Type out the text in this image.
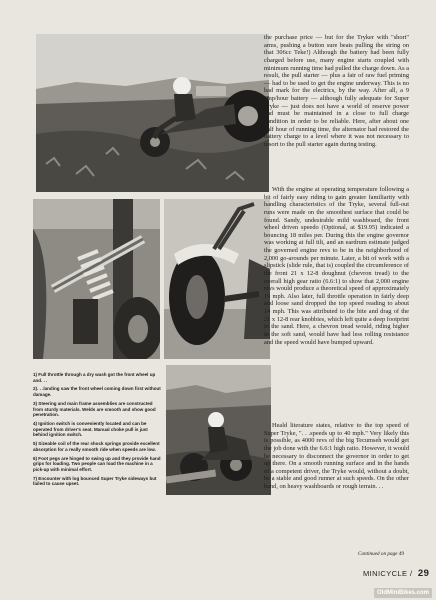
1) Full throttle through a dry wash got the front wheel up and. . .

2). . .landing saw the front wheel coming down first without damage.

3) Steering and main frame assemblies are constructed from sturdy materials. Welds are smooth and show good penetration.

4) Ignition switch is conveniently located and can be operated from driver's seat. Manual choke pull is just behind ignition switch.

5) Sizeable coil of the rear shock springs provide excellent absorption for a really smooth ride when speeds are low.

6) Foot pegs are hinged to swing up and they provide hand grips for loading. Two people can load the machine in a pick-up with minimal effort.

7) Encounter with log bounced Super Tryke sideways but failed to cause upset.

the purchase price — but for the Tryker with "short" arms, pushing a button sure beats pulling the string on that 306cc Teke!) Although the battery had been fully charged before use, many engine starts coupled with minimum running time had pulled the charge down. As a result, the pull starter — plus a fair of raw fuel priming — had to be used to get the engine underway. This is no bad mark for the electrics, by the way. After all, a 9 amp/hour battery — although fully adequate for Super Tryke — just does not have a world of reserve power and must be maintained in a close to full charge condition in order to be reliable. Here, after about one half hour of running time, the alternator had restored the battery charge to a level where it was not necessary to resort to the pull starter again during testing.

With the engine at operating temperature following a bit of fairly easy riding to gain greater familiarity with handling characteristics of the Tryke, several full-out runs were made on the smoothest surface that could be found. Sandy, undesirable mild washboard, the front wheel driven speedo (Optional, at $19.95) indicated a bouncing 18 miles per. During this the engine governor was working at full tilt, and an eardrum estimate judged the governed engine revs to be in the neighborhood of 2,000 go-arounds per minute. Later, a bit of work with a slipstick (slide rule, that is) coupled the circumference of the front 21 x 12-8 doughnut (chevron tread) to the overall high gear ratio (6.6:1) to show that 2,000 engine revs would produce a theoretical speed of approximately 19 mph. Also later, full throttle operation in fairly deep and loose sand dropped the top speed reading to about 14 mph. This was attributed to the bite and drag of the 21 x 12-8 rear knobbies, which left quite a deep footprint in the sand. Here, a chevron tread would, riding higher in the soft sand, would have had less rolling resistance and the speed would have bumped upward.

Heald literature states, relative to the top speed of Super Tryke, ". . .speeds up to 40 mph." Very likely this is possible, as 4000 revs of the big Tecumseh would get the job done with the 6.6:1 high ratio. However, it would be necessary to disconnect the governor in order to get up there. On a smooth running surface and in the hands of a competent driver, the Tryke would, without a doubt, be a stable and good runner at such speeds. On the other hand, on heavy washboards or rough terrain. . .

Continued on page 49
MINICYCLE / 29
OldMiniBikes.com
